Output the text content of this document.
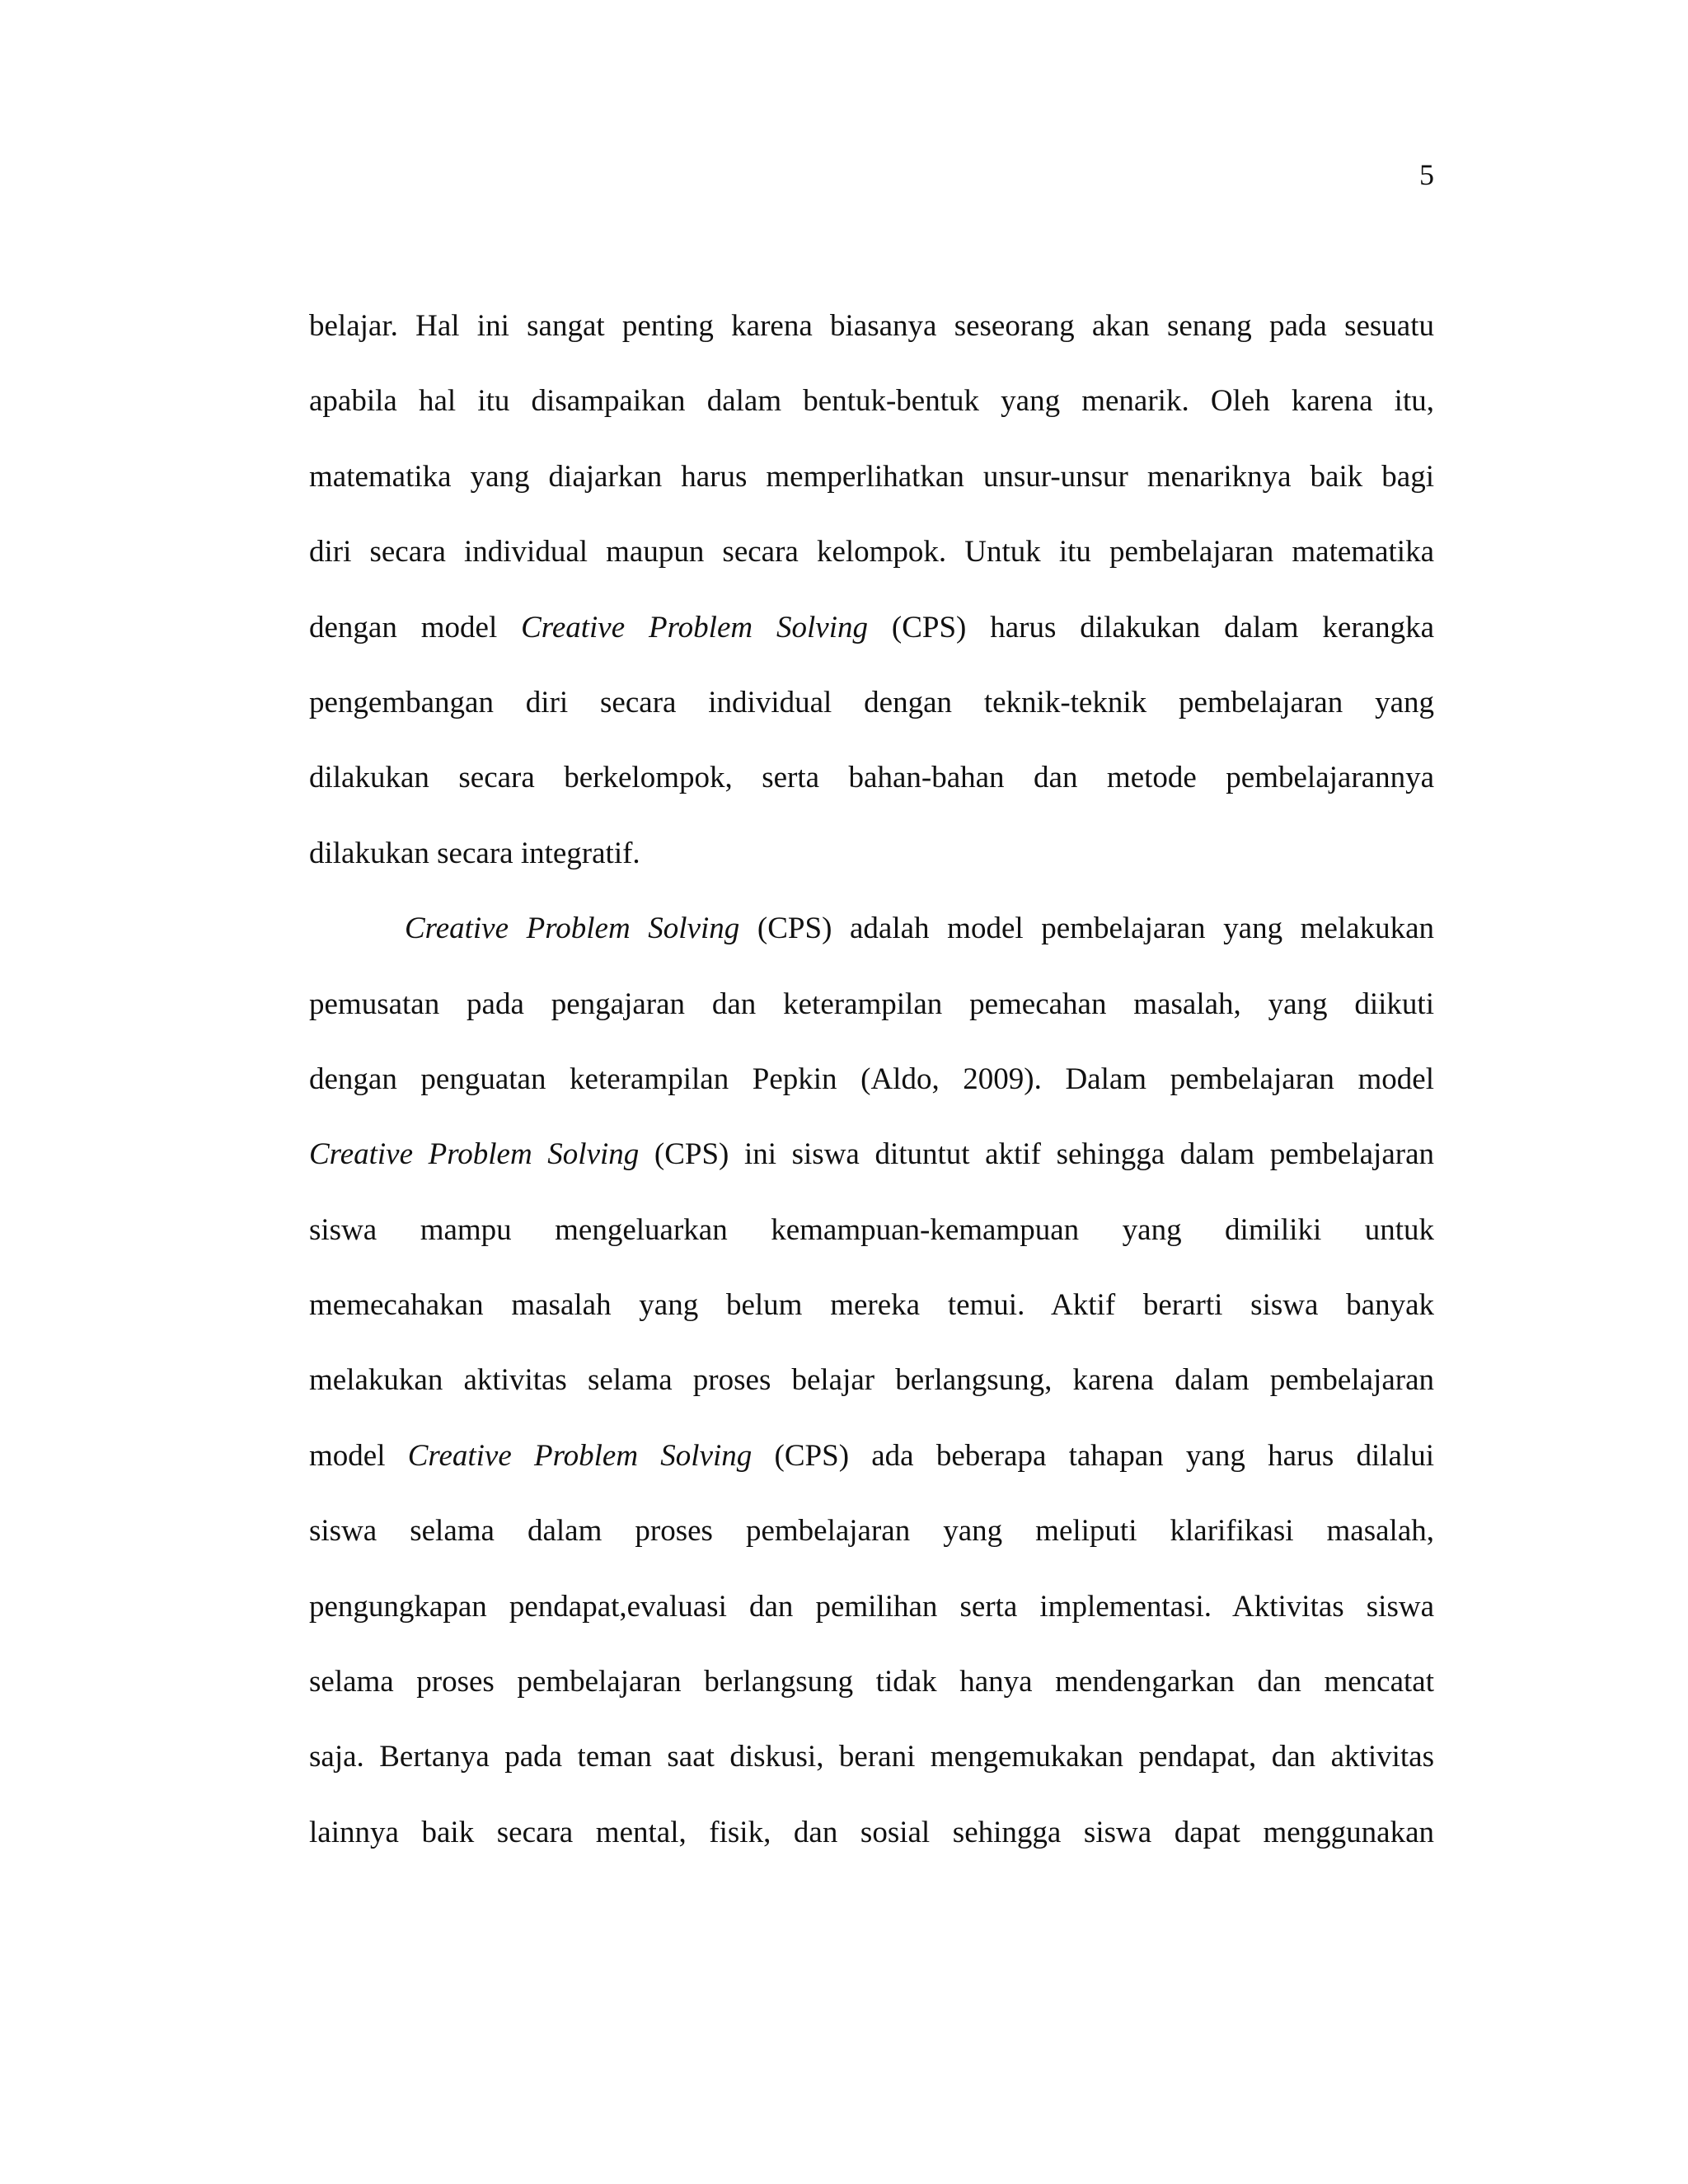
5
belajar. Hal ini sangat penting karena biasanya seseorang akan senang pada sesuatu
apabila hal itu disampaikan dalam bentuk-bentuk yang menarik. Oleh karena itu,
matematika yang diajarkan harus memperlihatkan unsur-unsur menariknya baik bagi
diri secara individual maupun secara kelompok. Untuk itu pembelajaran matematika
dengan model Creative Problem Solving (CPS) harus dilakukan dalam kerangka
pengembangan diri secara individual dengan teknik-teknik pembelajaran yang
dilakukan secara berkelompok, serta bahan-bahan dan metode pembelajarannya
dilakukan secara integratif.
Creative Problem Solving (CPS) adalah model pembelajaran yang melakukan
pemusatan pada pengajaran dan keterampilan pemecahan masalah, yang diikuti
dengan penguatan keterampilan Pepkin (Aldo, 2009). Dalam pembelajaran model
Creative Problem Solving (CPS) ini siswa dituntut aktif sehingga dalam pembelajaran
siswa mampu mengeluarkan kemampuan-kemampuan yang dimiliki untuk
memecahakan masalah yang belum mereka temui. Aktif berarti siswa banyak
melakukan aktivitas selama proses belajar berlangsung, karena dalam pembelajaran
model Creative Problem Solving (CPS) ada beberapa tahapan yang harus dilalui
siswa selama dalam proses pembelajaran yang meliputi klarifikasi masalah,
pengungkapan pendapat,evaluasi dan pemilihan serta implementasi. Aktivitas siswa
selama proses pembelajaran berlangsung tidak hanya mendengarkan dan mencatat
saja. Bertanya pada teman saat diskusi, berani mengemukakan pendapat, dan aktivitas
lainnya baik secara mental, fisik, dan sosial sehingga siswa dapat menggunakan
